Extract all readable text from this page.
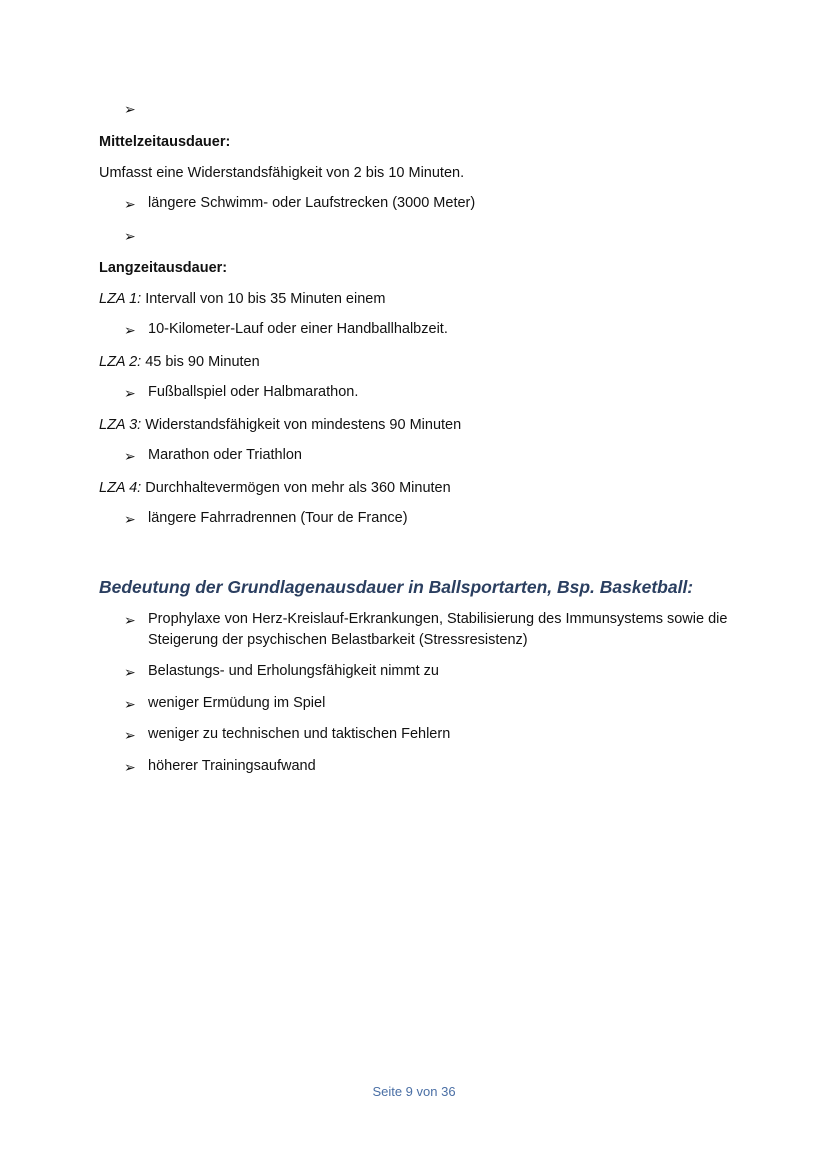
➢
Mittelzeitausdauer:
Umfasst eine Widerstandsfähigkeit von 2 bis 10 Minuten.
➢ längere Schwimm- oder Laufstrecken (3000 Meter)
➢
Langzeitausdauer:
LZA 1: Intervall von 10 bis 35 Minuten einem
➢ 10-Kilometer-Lauf oder einer Handballhalbzeit.
LZA 2: 45 bis 90 Minuten
➢ Fußballspiel oder Halbmarathon.
LZA 3: Widerstandsfähigkeit von mindestens 90 Minuten
➢ Marathon oder Triathlon
LZA 4: Durchhaltevermögen von mehr als 360 Minuten
➢ längere Fahrradrennen (Tour de France)
Bedeutung der Grundlagenausdauer in Ballsportarten, Bsp. Basketball:
➢ Prophylaxe von Herz-Kreislauf-Erkrankungen, Stabilisierung des Immunsystems sowie die Steigerung der psychischen Belastbarkeit (Stressresistenz)
➢ Belastungs- und Erholungsfähigkeit nimmt zu
➢ weniger Ermüdung im Spiel
➢ weniger zu technischen und taktischen Fehlern
➢ höherer Trainingsaufwand
Seite 9 von 36
